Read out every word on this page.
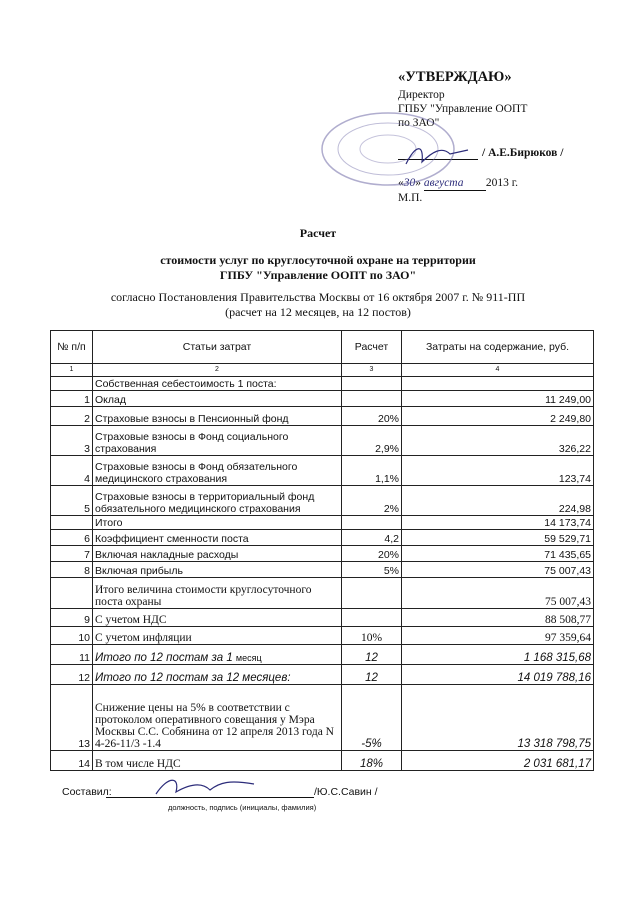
«УТВЕРЖДАЮ»
Директор
ГПБУ "Управление ООПТ
по ЗАО"
/ А.Е.Бирюков /
«30» августа 2013 г.
М.П.
Расчет
стоимости услуг по круглосуточной охране на территории
ГПБУ "Управление ООПТ по ЗАО"
согласно Постановления Правительства Москвы от 16 октября 2007 г. № 911-ПП
(расчет на 12 месяцев, на 12 постов)
№ п/п	Статьи затрат	Расчет	Затраты на содержание, руб.
1	2	3	4
	Собственная себестоимость 1 поста:		
1	Оклад		11 249,00
2	Страховые взносы в Пенсионный фонд	20%	2 249,80
3	Страховые взносы в Фонд социального страхования	2,9%	326,22
4	Страховые взносы в Фонд обязательного медицинского страхования	1,1%	123,74
5	Страховые взносы в территориальный фонд обязательного медицинского страхования	2%	224,98
	Итого		14 173,74
6	Коэффициент сменности поста	4,2	59 529,71
7	Включая накладные расходы	20%	71 435,65
8	Включая прибыль	5%	75 007,43
	Итого величина стоимости круглосуточного поста охраны		75 007,43
9	С учетом НДС		88 508,77
10	С учетом инфляции	10%	97 359,64
11	Итого по 12 постам за 1 месяц	12	1 168 315,68
12	Итого по 12 постам за 12 месяцев:	12	14 019 788,16
13	Снижение цены на 5% в соответствии с протоколом оперативного совещания у Мэра Москвы С.С. Собянина от 12 апреля 2013 года N 4-26-11/3 -1.4	-5%	13 318 798,75
14	В том числе НДС	18%	2 031 681,17
Составил:	/Ю.С.Савин /
должность, подпись (инициалы, фамилия)
